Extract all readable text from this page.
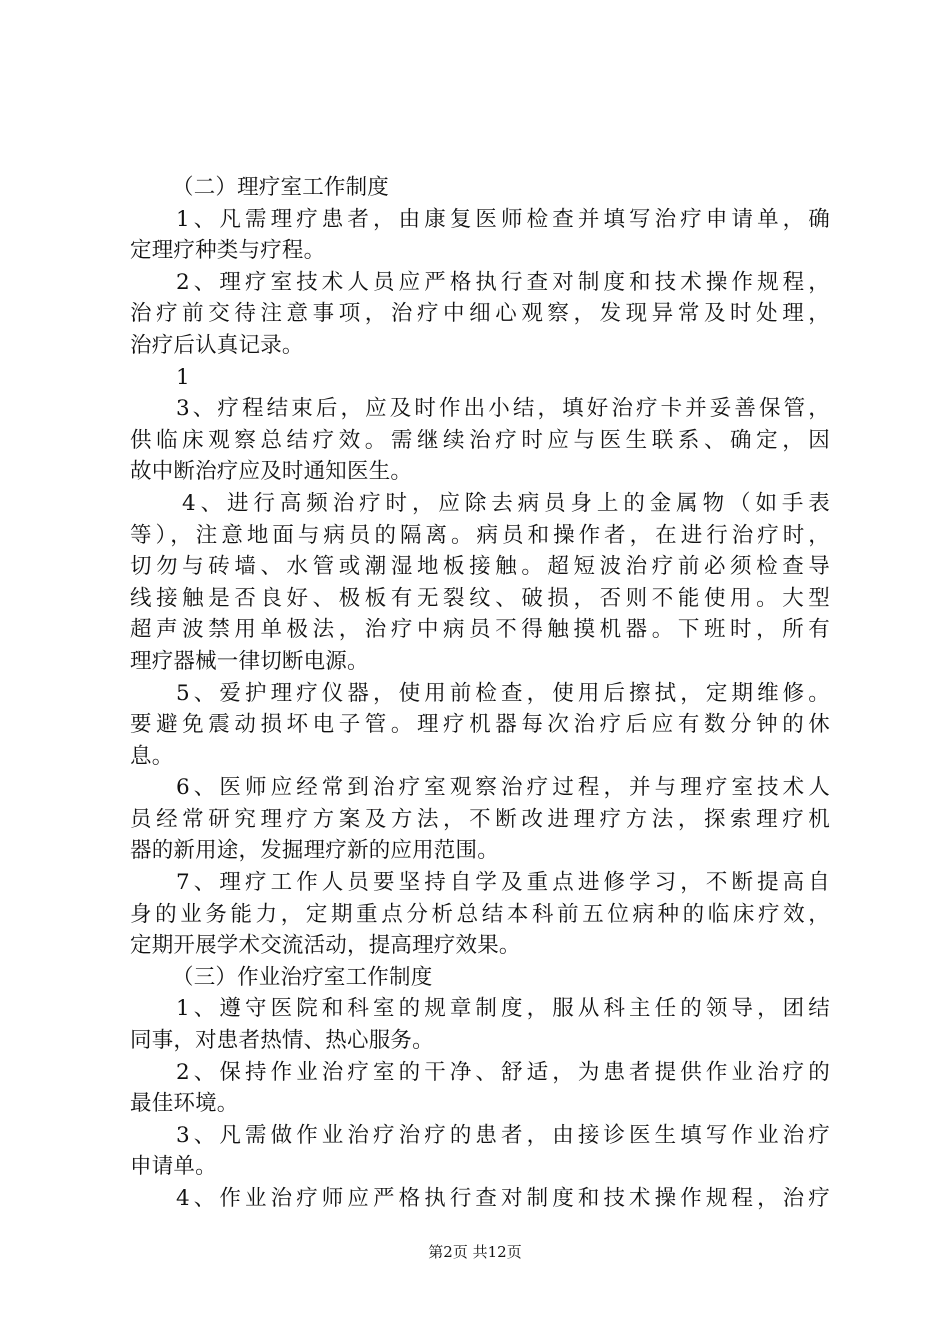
（二）理疗室工作制度
1、凡需理疗患者，由康复医师检查并填写治疗申请单，确
定理疗种类与疗程。
2、理疗室技术人员应严格执行查对制度和技术操作规程，
治疗前交待注意事项，治疗中细心观察，发现异常及时处理，
治疗后认真记录。
1
3、疗程结束后，应及时作出小结，填好治疗卡并妥善保管，
供临床观察总结疗效。需继续治疗时应与医生联系、确定，因
故中断治疗应及时通知医生。
4、进行高频治疗时，应除去病员身上的金属物（如手表
等），注意地面与病员的隔离。病员和操作者，在进行治疗时，
切勿与砖墙、水管或潮湿地板接触。超短波治疗前必须检查导
线接触是否良好、极板有无裂纹、破损，否则不能使用。大型
超声波禁用单极法，治疗中病员不得触摸机器。下班时，所有
理疗器械一律切断电源。
5、爱护理疗仪器，使用前检查，使用后擦拭，定期维修。
要避免震动损坏电子管。理疗机器每次治疗后应有数分钟的休
息。
6、医师应经常到治疗室观察治疗过程，并与理疗室技术人
员经常研究理疗方案及方法，不断改进理疗方法，探索理疗机
器的新用途，发掘理疗新的应用范围。
7、理疗工作人员要坚持自学及重点进修学习，不断提高自
身的业务能力，定期重点分析总结本科前五位病种的临床疗效，
定期开展学术交流活动，提高理疗效果。
（三）作业治疗室工作制度
1、遵守医院和科室的规章制度，服从科主任的领导，团结
同事，对患者热情、热心服务。
2、保持作业治疗室的干净、舒适，为患者提供作业治疗的
最佳环境。
3、凡需做作业治疗治疗的患者，由接诊医生填写作业治疗
申请单。
4、作业治疗师应严格执行查对制度和技术操作规程，治疗
第2页 共12页
